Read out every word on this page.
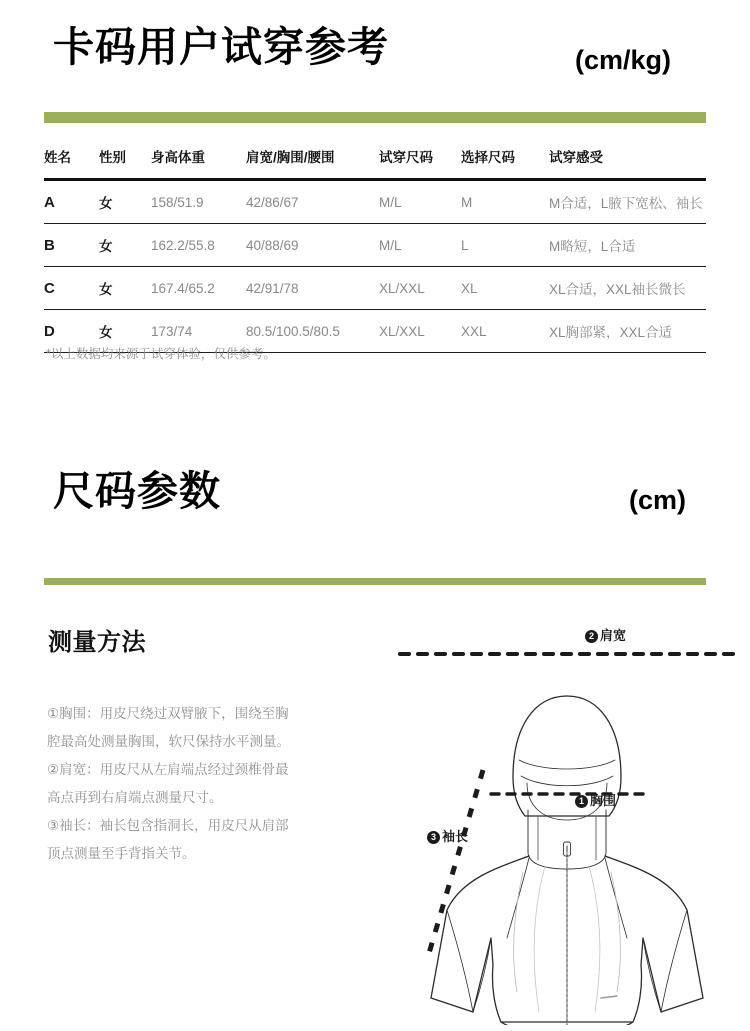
卡码用户试穿参考	(cm/kg)
姓名	性别	身高体重	肩宽/胸围/腰围	试穿尺码	选择尺码	试穿感受
A	女	158/51.9	42/86/67	M/L	M	M合适，L腋下宽松、袖长
B	女	162.2/55.8	40/88/69	M/L	L	M略短，L合适
C	女	167.4/65.2	42/91/78	XL/XXL	XL	XL合适，XXL袖长微长
D	女	173/74	80.5/100.5/80.5	XL/XXL	XXL	XL胸部紧，XXL合适
*以上数据均来源于试穿体验，仅供参考。
尺码参数	(cm)
测量方法

①胸围：用皮尺绕过双臂腋下，围绕至胸腔最高处测量胸围，软尺保持水平测量。

②肩宽：用皮尺从左肩端点经过颈椎骨最高点再到右肩端点测量尺寸。

③袖长：袖长包含指洞长，用皮尺从肩部顶点测量至手背指关节。

2 肩宽
1 胸围
3 袖长
